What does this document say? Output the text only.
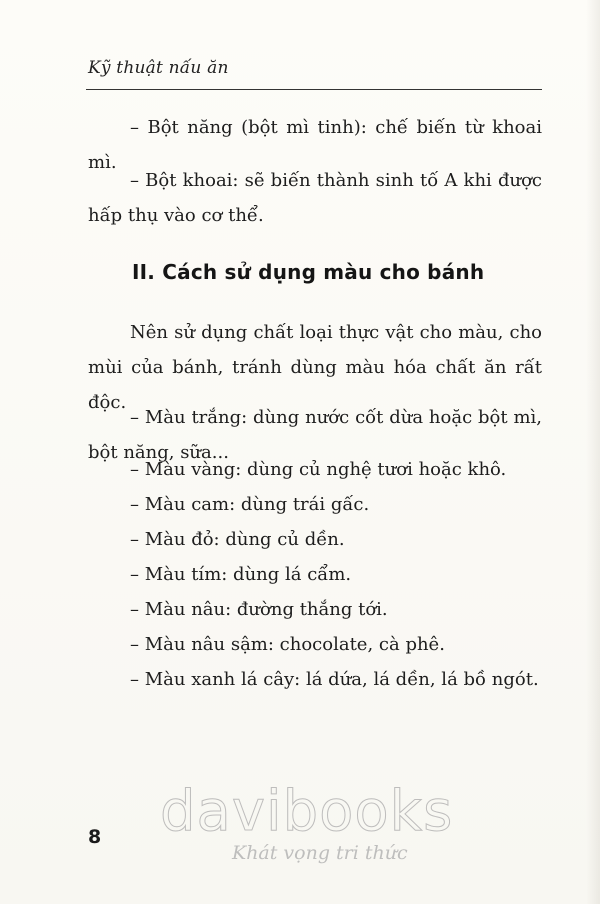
Kỹ thuật nấu ăn

– Bột năng (bột mì tinh): chế biến từ khoai mì.

– Bột khoai: sẽ biến thành sinh tố A khi được hấp thụ vào cơ thể.

II. Cách sử dụng màu cho bánh

Nên sử dụng chất loại thực vật cho màu, cho mùi của bánh, tránh dùng màu hóa chất ăn rất độc.

– Màu trắng: dùng nước cốt dừa hoặc bột mì, bột năng, sữa...

– Màu vàng: dùng củ nghệ tươi hoặc khô.

– Màu cam: dùng trái gấc.

– Màu đỏ: dùng củ dền.

– Màu tím: dùng lá cẩm.

– Màu nâu: đường thắng tới.

– Màu nâu sậm: chocolate, cà phê.

– Màu xanh lá cây: lá dứa, lá dền, lá bồ ngót.

8 davibooks
Khát vọng tri thức
